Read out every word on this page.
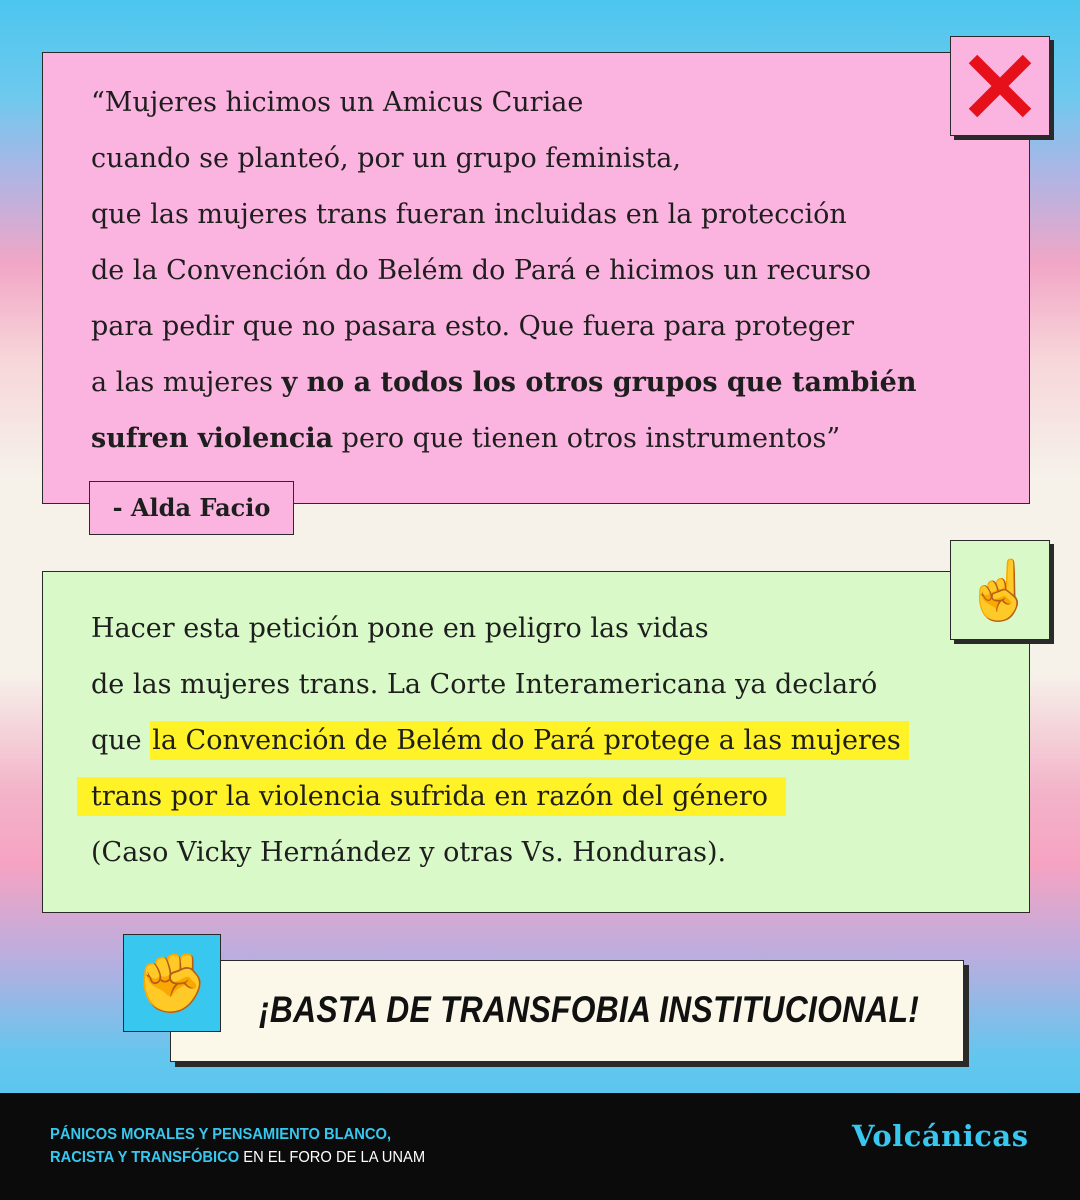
“Mujeres hicimos un Amicus Curiae
cuando se planteó, por un grupo feminista,
que las mujeres trans fueran incluidas en la protección
de la Convención do Belém do Pará e hicimos un recurso
para pedir que no pasara esto. Que fuera para proteger
a las mujeres y no a todos los otros grupos que también
sufren violencia pero que tienen otros instrumentos”
- Alda Facio
Hacer esta petición pone en peligro las vidas
de las mujeres trans. La Corte Interamericana ya declaró
que la Convención de Belém do Pará protege a las mujeres
trans por la violencia sufrida en razón del género
(Caso Vicky Hernández y otras Vs. Honduras).
☝
¡BASTA DE TRANSFOBIA INSTITUCIONAL!
✊
PÁNICOS MORALES Y PENSAMIENTO BLANCO,
RACISTA Y TRANSFÓBICO EN EL FORO DE LA UNAM
Volcánicas
